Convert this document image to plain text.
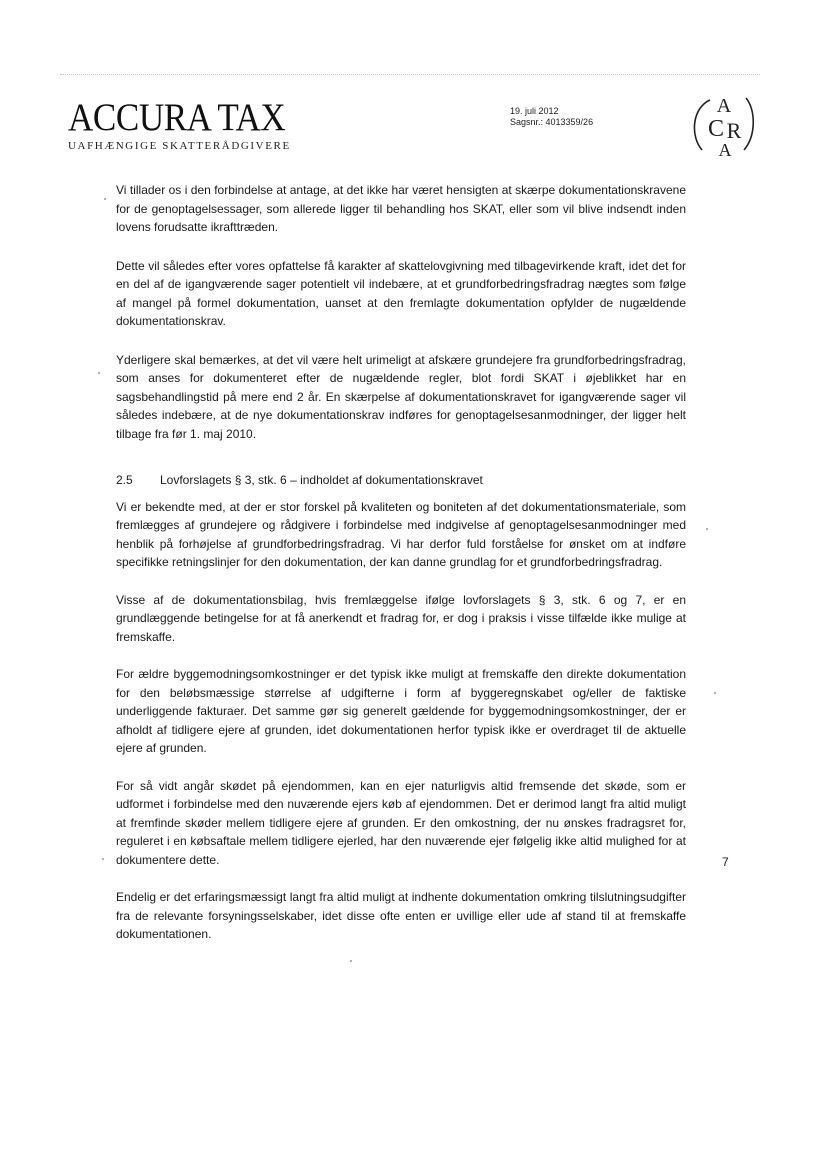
ACCURA TAX
UAFHÆNGIGE SKATTERÅDGIVERE
19. juli 2012
Sagsnr.: 4013359/26
A
C R
A

Vi tillader os i den forbindelse at antage, at det ikke har været hensigten at skærpe dokumentationskravene for de genoptagelsessager, som allerede ligger til behandling hos SKAT, eller som vil blive indsendt inden lovens forudsatte ikrafttræden.

Dette vil således efter vores opfattelse få karakter af skattelovgivning med tilbagevirkende kraft, idet det for en del af de igangværende sager potentielt vil indebære, at et grundforbedringsfradrag nægtes som følge af mangel på formel dokumentation, uanset at den fremlagte dokumentation opfylder de nugældende dokumentationskrav.

Yderligere skal bemærkes, at det vil være helt urimeligt at afskære grundejere fra grundforbedringsfradrag, som anses for dokumenteret efter de nugældende regler, blot fordi SKAT i øjeblikket har en sagsbehandlingstid på mere end 2 år. En skærpelse af dokumentationskravet for igangværende sager vil således indebære, at de nye dokumentationskrav indføres for genoptagelsesanmodninger, der ligger helt tilbage fra før 1. maj 2010.

2.5	Lovforslagets § 3, stk. 6 – indholdet af dokumentationskravet

Vi er bekendte med, at der er stor forskel på kvaliteten og boniteten af det dokumentationsmateriale, som fremlægges af grundejere og rådgivere i forbindelse med indgivelse af genoptagelsesanmodninger med henblik på forhøjelse af grundforbedringsfradrag. Vi har derfor fuld forståelse for ønsket om at indføre specifikke retningslinjer for den dokumentation, der kan danne grundlag for et grundforbedringsfradrag.

Visse af de dokumentationsbilag, hvis fremlæggelse ifølge lovforslagets § 3, stk. 6 og 7, er en grundlæggende betingelse for at få anerkendt et fradrag for, er dog i praksis i visse tilfælde ikke mulige at fremskaffe.

For ældre byggemodningsomkostninger er det typisk ikke muligt at fremskaffe den direkte dokumentation for den beløbsmæssige størrelse af udgifterne i form af byggeregnskabet og/eller de faktiske underliggende fakturaer. Det samme gør sig generelt gældende for byggemodningsomkostninger, der er afholdt af tidligere ejere af grunden, idet dokumentationen herfor typisk ikke er overdraget til de aktuelle ejere af grunden.

For så vidt angår skødet på ejendommen, kan en ejer naturligvis altid fremsende det skøde, som er udformet i forbindelse med den nuværende ejers køb af ejendommen. Det er derimod langt fra altid muligt at fremfinde skøder mellem tidligere ejere af grunden. Er den omkostning, der nu ønskes fradragsret for, reguleret i en købsaftale mellem tidligere ejerled, har den nuværende ejer følgelig ikke altid mulighed for at dokumentere dette.

Endelig er det erfaringsmæssigt langt fra altid muligt at indhente dokumentation omkring tilslutningsudgifter fra de relevante forsyningsselskaber, idet disse ofte enten er uvillige eller ude af stand til at fremskaffe dokumentationen.

7
